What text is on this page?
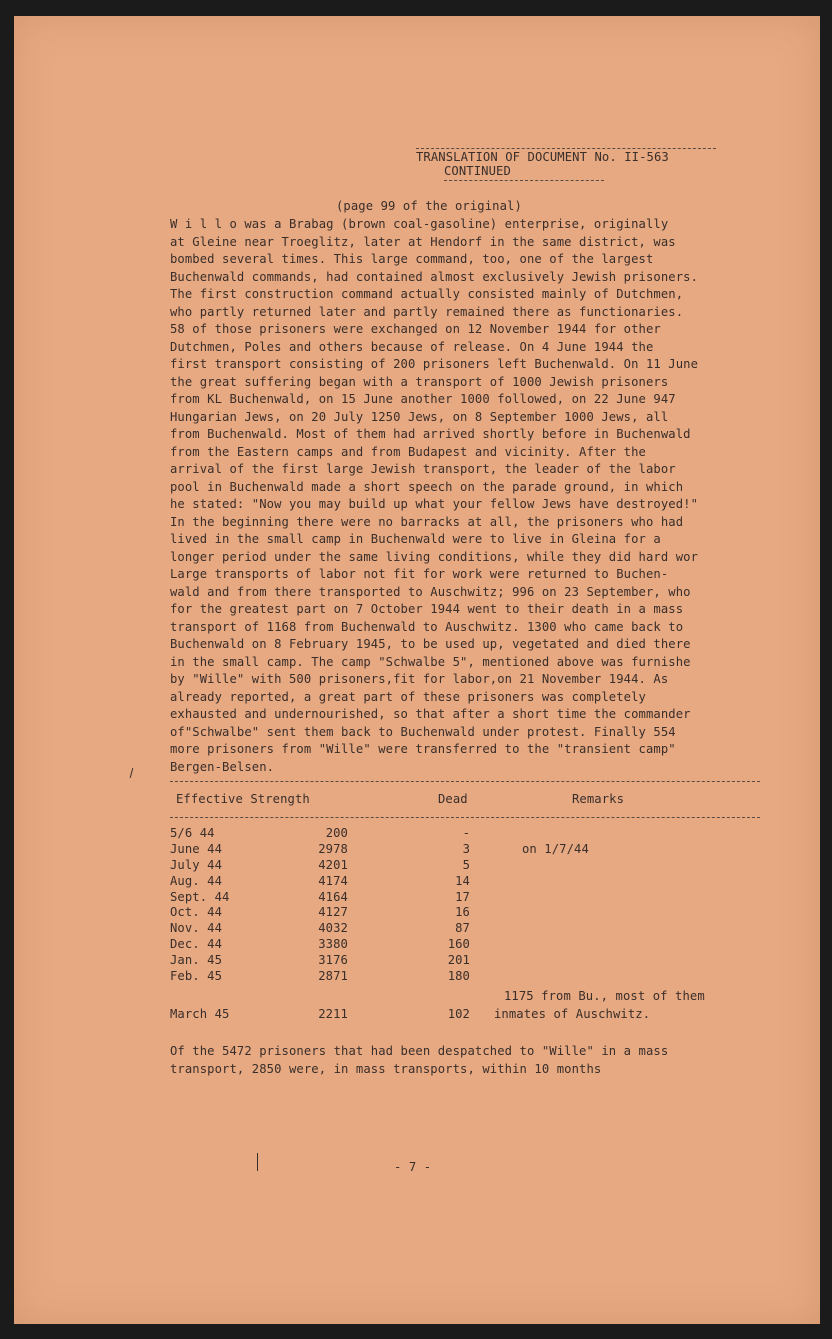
TRANSLATION OF DOCUMENT No. II-563
CONTINUED
(page 99 of the original)

W i l l o was a Brabag (brown coal-gasoline) enterprise, originally

at Gleine near Troeglitz, later at Hendorf in the same district, was

bombed several times. This large command, too, one of the largest

Buchenwald commands, had contained almost exclusively Jewish prisoners.

The first construction command actually consisted mainly of Dutchmen,

who partly returned later and partly remained there as functionaries.

58 of those prisoners were exchanged on 12 November 1944 for other

Dutchmen, Poles and others because of release. On 4 June 1944 the

first transport consisting of 200 prisoners left Buchenwald. On 11 June

the great suffering began with a transport of 1000 Jewish prisoners

from KL Buchenwald, on 15 June another 1000 followed, on 22 June 947

Hungarian Jews, on 20 July 1250 Jews, on 8 September 1000 Jews, all

from Buchenwald. Most of them had arrived shortly before in Buchenwald

from the Eastern camps and from Budapest and vicinity. After the

arrival of the first large Jewish transport, the leader of the labor

pool in Buchenwald made a short speech on the parade ground, in which

he stated: "Now you may build up what your fellow Jews have destroyed!"

In the beginning there were no barracks at all, the prisoners who had

lived in the small camp in Buchenwald were to live in Gleina for a

longer period under the same living conditions, while they did hard wor

Large transports of labor not fit for work were returned to Buchen-

wald and from there transported to Auschwitz; 996 on 23 September, who

for the greatest part on 7 October 1944 went to their death in a mass

transport of 1168 from Buchenwald to Auschwitz. 1300 who came back to

Buchenwald on 8 February 1945, to be used up, vegetated and died there

in the small camp. The camp "Schwalbe 5", mentioned above was furnishe

by "Wille" with 500 prisoners,fit for labor,on 21 November 1944. As

already reported, a great part of these prisoners was completely

exhausted and undernourished, so that after a short time the commander

of"Schwalbe" sent them back to Buchenwald under protest. Finally 554

more prisoners from "Wille" were transferred to the "transient camp"

Bergen-Belsen.

Effective Strength	Dead	Remarks
5/6 44	200	-
June 44	2978	3	on 1/7/44
July 44	4201	5
Aug. 44	4174	14
Sept. 44	4164	17
Oct. 44	4127	16
Nov. 44	4032	87
Dec. 44	3380	160
Jan. 45	3176	201
Feb. 45	2871	180
1175 from Bu., most of them
March 45	2211	102 inmates of Auschwitz.

Of the 5472 prisoners that had been despatched to "Wille" in a mass

transport, 2850 were, in mass transports, within 10 months

- 7 -
